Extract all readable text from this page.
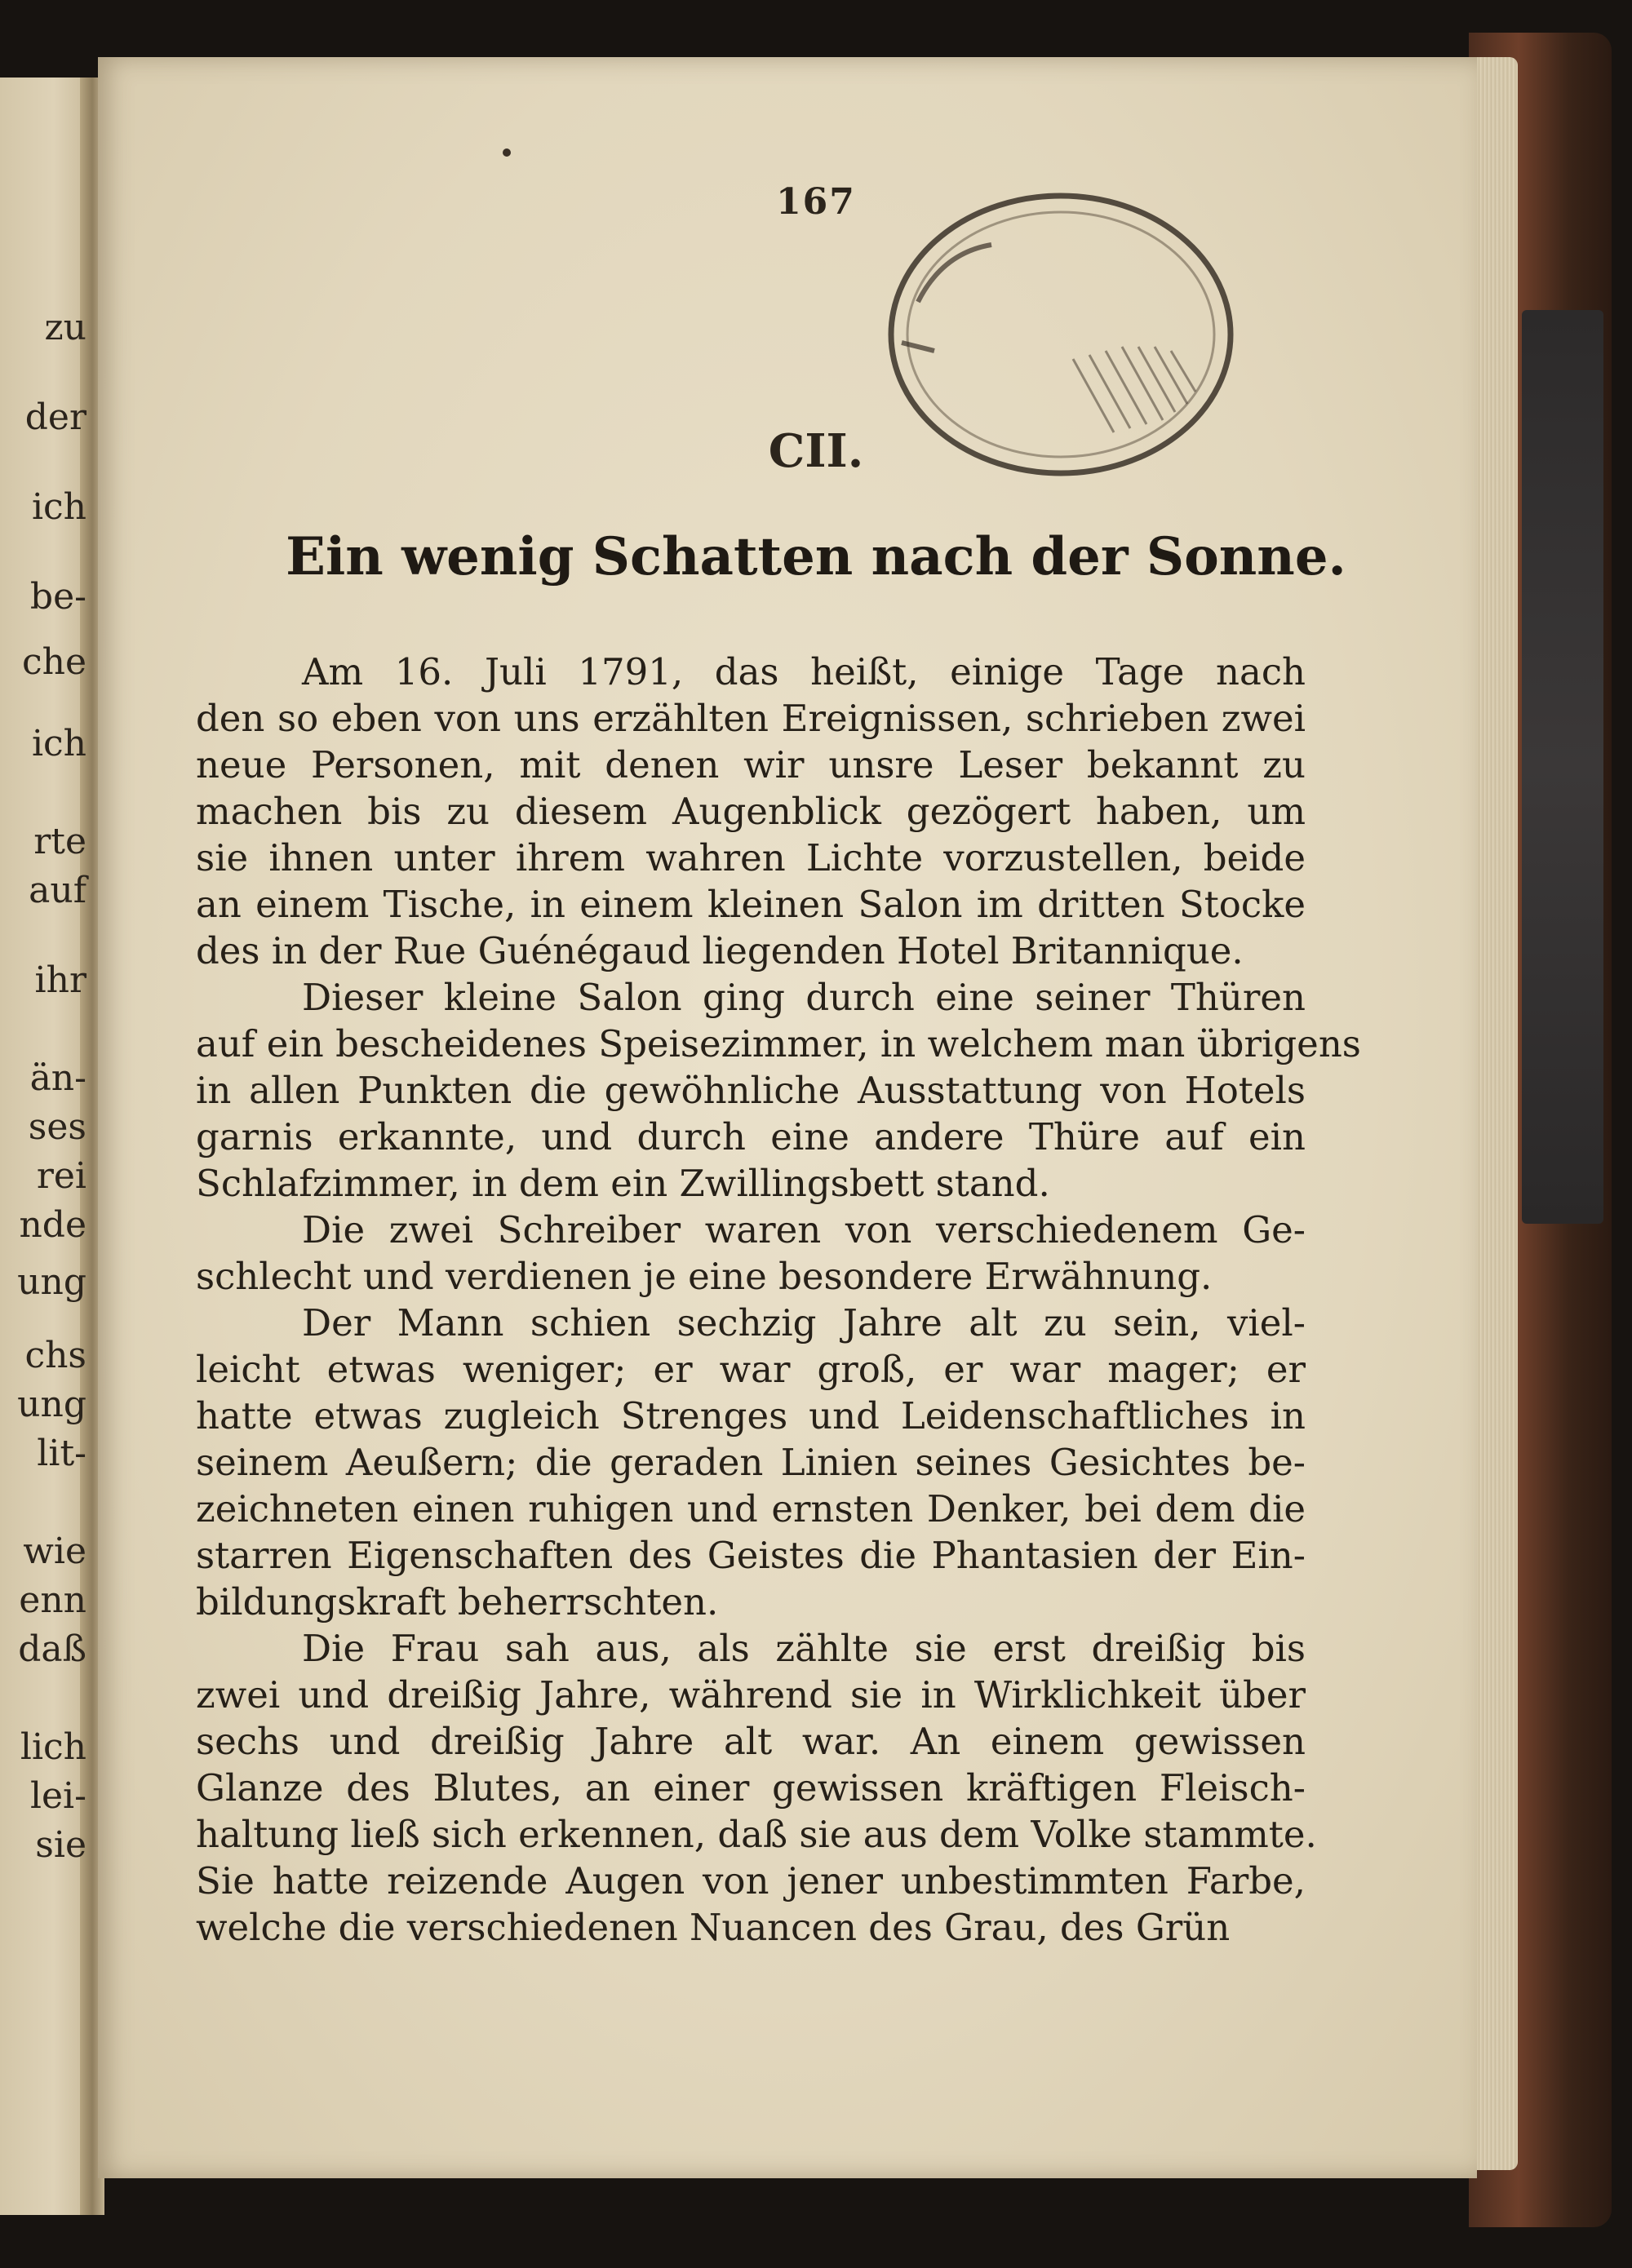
zu
der
ich
be-
che
ich
rte
auf
ihr
än-
ses
rei
nde
ung
chs
ung
lit-
wie
enn
daß
lich
lei-
sie
167
CII.
Ein wenig Schatten nach der Sonne.
Am 16. Juli 1791, das heißt, einige Tage nach
den so eben von uns erzählten Ereignissen, schrieben zwei
neue Personen, mit denen wir unsre Leser bekannt zu
machen bis zu diesem Augenblick gezögert haben, um
sie ihnen unter ihrem wahren Lichte vorzustellen, beide
an einem Tische, in einem kleinen Salon im dritten Stocke
des in der Rue Guénégaud liegenden Hotel Britannique.
Dieser kleine Salon ging durch eine seiner Thüren
auf ein bescheidenes Speisezimmer, in welchem man übrigens
in allen Punkten die gewöhnliche Ausstattung von Hotels
garnis erkannte, und durch eine andere Thüre auf ein
Schlafzimmer, in dem ein Zwillingsbett stand.
Die zwei Schreiber waren von verschiedenem Ge-
schlecht und verdienen je eine besondere Erwähnung.
Der Mann schien sechzig Jahre alt zu sein, viel-
leicht etwas weniger; er war groß, er war mager; er
hatte etwas zugleich Strenges und Leidenschaftliches in
seinem Aeußern; die geraden Linien seines Gesichtes be-
zeichneten einen ruhigen und ernsten Denker, bei dem die
starren Eigenschaften des Geistes die Phantasien der Ein-
bildungskraft beherrschten.
Die Frau sah aus, als zählte sie erst dreißig bis
zwei und dreißig Jahre, während sie in Wirklichkeit über
sechs und dreißig Jahre alt war. An einem gewissen
Glanze des Blutes, an einer gewissen kräftigen Fleisch-
haltung ließ sich erkennen, daß sie aus dem Volke stammte.
Sie hatte reizende Augen von jener unbestimmten Farbe,
welche die verschiedenen Nuancen des Grau, des Grün
